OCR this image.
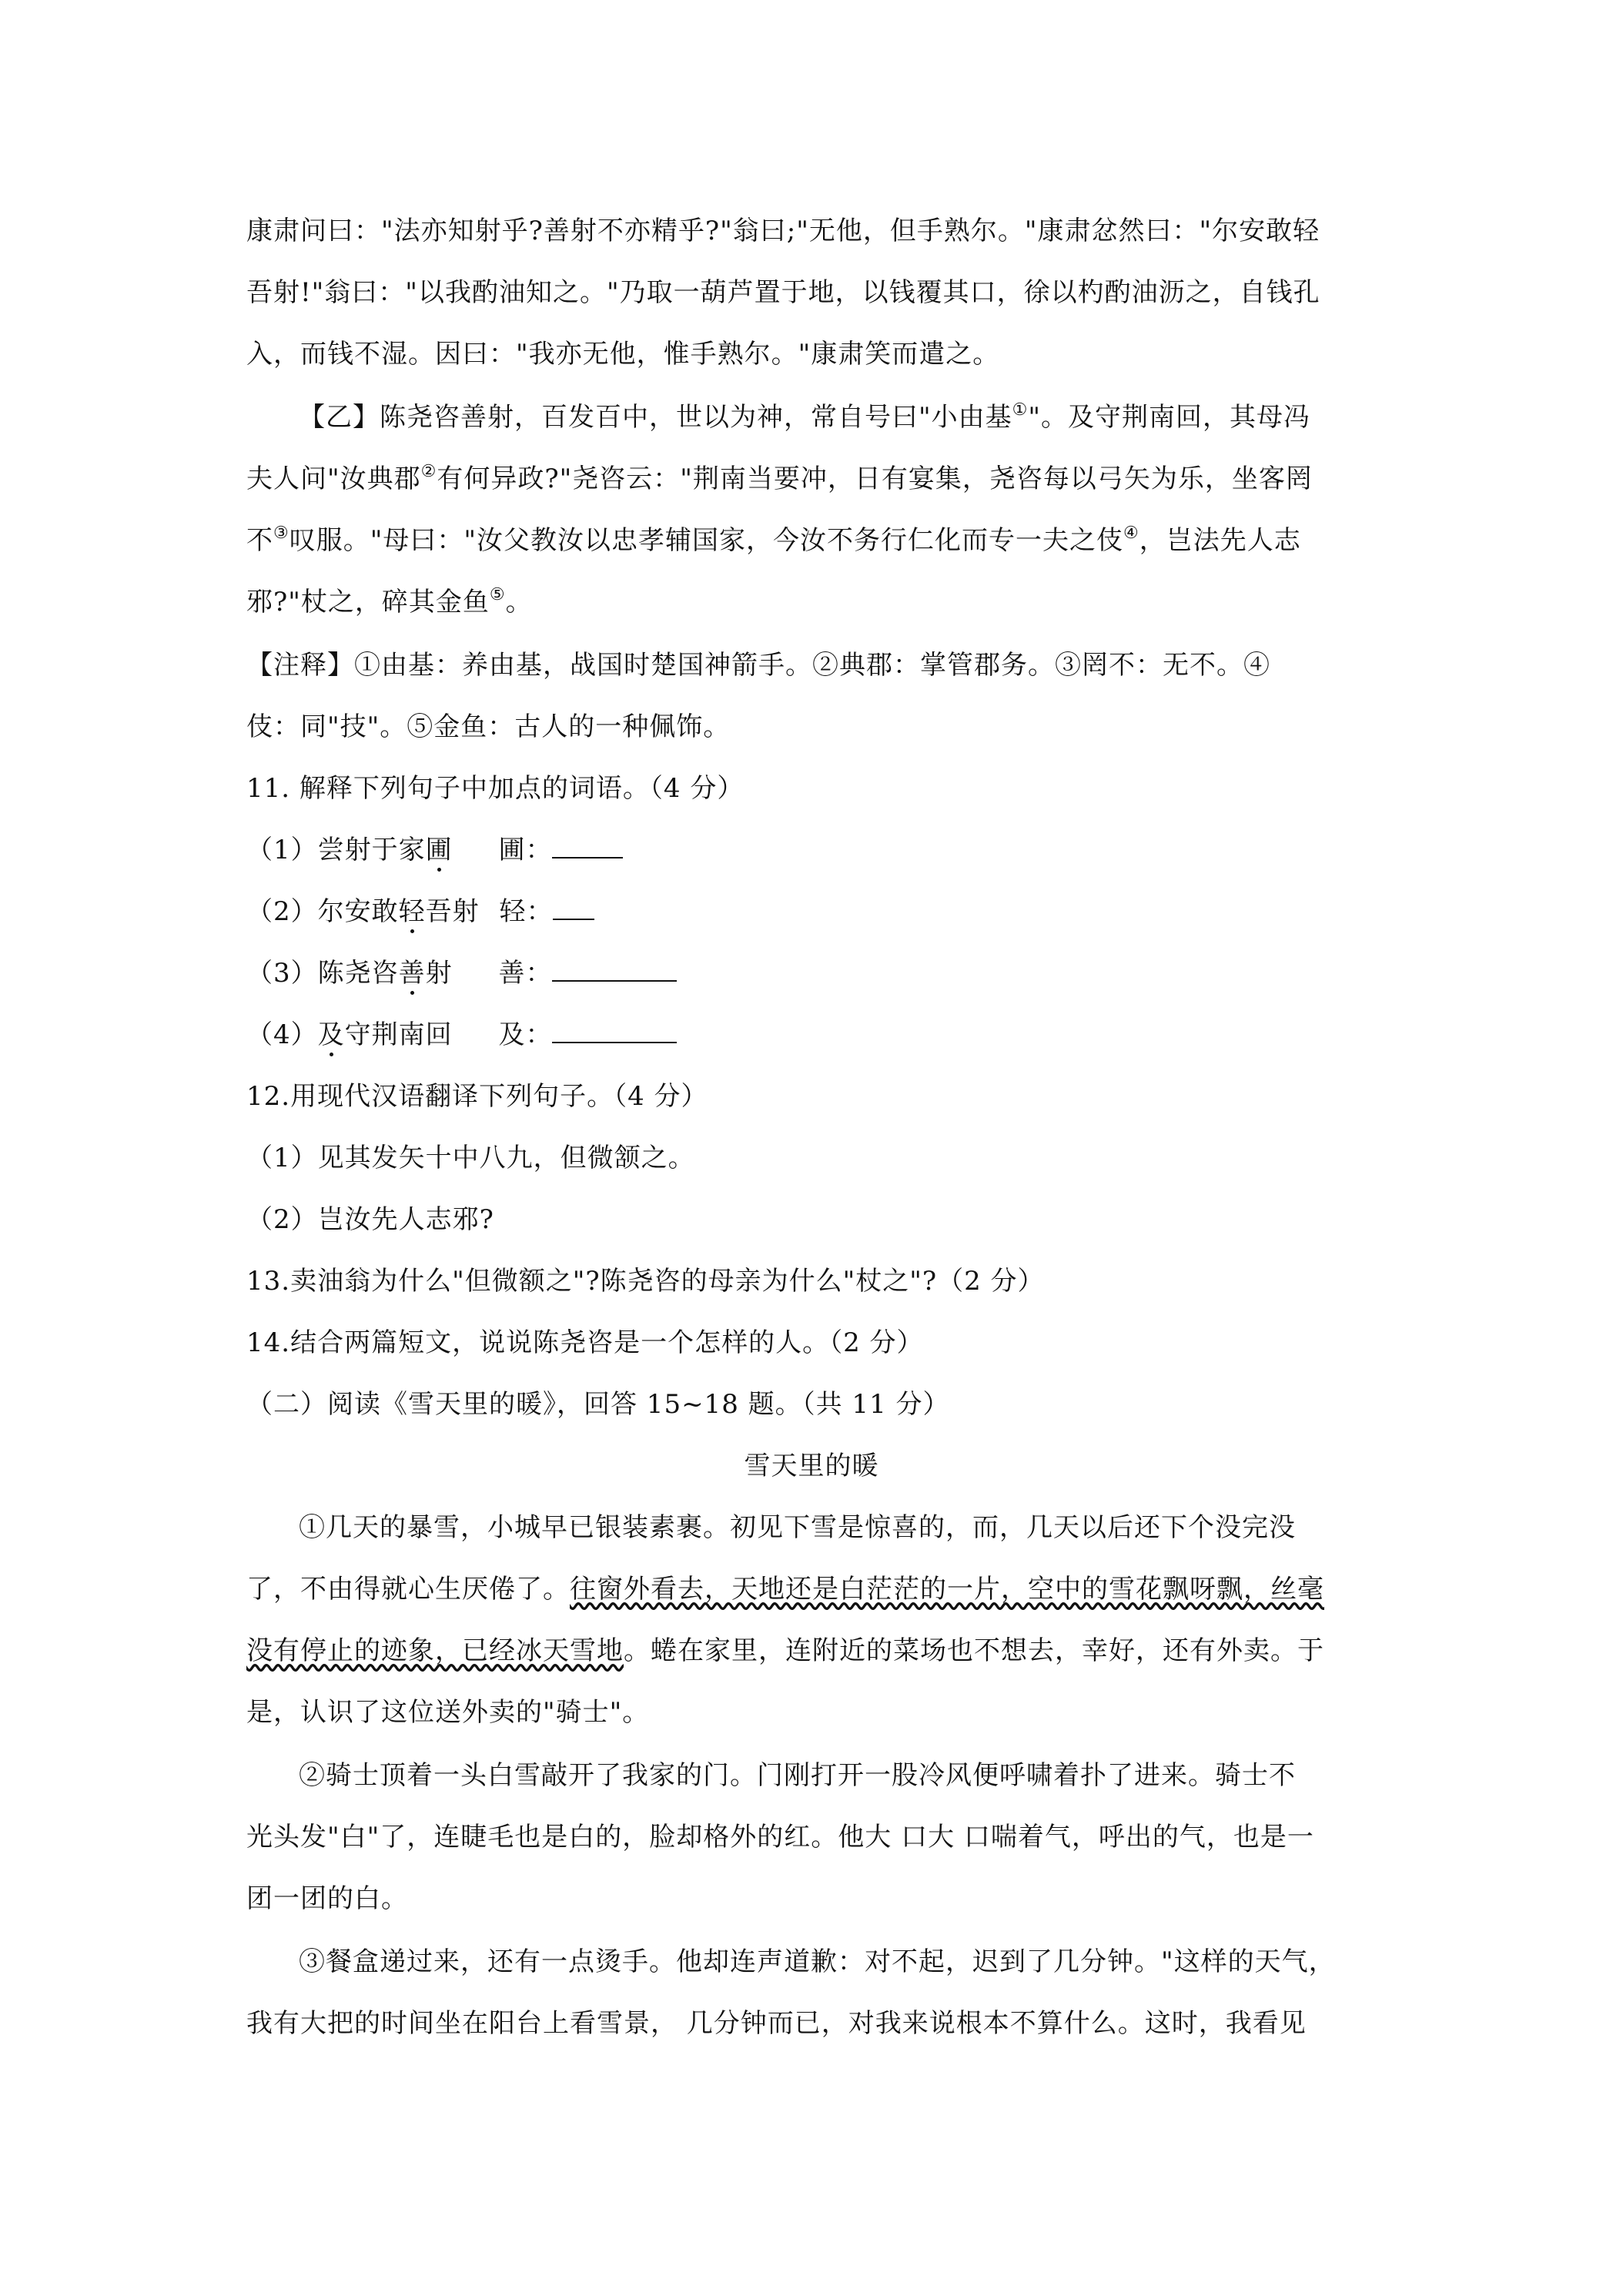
康肃问曰："法亦知射乎?善射不亦精乎?"翁曰;"无他，但手熟尔。"康肃忿然曰："尔安敢轻
吾射!"翁曰："以我酌油知之。"乃取一葫芦置于地，以钱覆其口，徐以杓酌油沥之，自钱孔
入，而钱不湿。因曰："我亦无他，惟手熟尔。"康肃笑而遣之。
【乙】陈尧咨善射，百发百中，世以为神，常自号曰"小由基①"。及守荆南回，其母冯
夫人问"汝典郡②有何异政?"尧咨云："荆南当要冲，日有宴集，尧咨每以弓矢为乐，坐客罔
不③叹服。"母曰："汝父教汝以忠孝辅国家，今汝不务行仁化而专一夫之伎④，岂法先人志
邪?"杖之，碎其金鱼⑤。
【注释】①由基：养由基，战国时楚国神箭手。②典郡：掌管郡务。③罔不：无不。④
伎：同"技"。⑤金鱼：古人的一种佩饰。
11. 解释下列句子中加点的词语。（4 分）
（1）尝射于家圃 圃：
（2）尔安敢轻吾射 轻：
（3）陈尧咨善射 善：
（4）及守荆南回 及：
12.用现代汉语翻译下列句子。（4 分）
（1）见其发矢十中八九，但微颔之。
（2）岂汝先人志邪?
13.卖油翁为什么"但微额之"?陈尧咨的母亲为什么"杖之"?（2 分）
14.结合两篇短文，说说陈尧咨是一个怎样的人。（2 分）
（二）阅读《雪天里的暖》，回答 15~18 题。（共 11 分）
雪天里的暖
①几天的暴雪，小城早已银装素裹。初见下雪是惊喜的，而，几天以后还下个没完没
了，不由得就心生厌倦了。往窗外看去，天地还是白茫茫的一片，空中的雪花飘呀飘，丝毫
没有停止的迹象，已经冰天雪地。蜷在家里，连附近的菜场也不想去，幸好，还有外卖。于
是，认识了这位送外卖的"骑士"。
②骑士顶着一头白雪敲开了我家的门。门刚打开一股冷风便呼啸着扑了进来。骑士不
光头发"白"了，连睫毛也是白的，脸却格外的红。他大 口大 口喘着气，呼出的气，也是一
团一团的白。
③餐盒递过来，还有一点烫手。他却连声道歉：对不起，迟到了几分钟。"这样的天气，
我有大把的时间坐在阳台上看雪景， 几分钟而已，对我来说根本不算什么。这时，我看见
